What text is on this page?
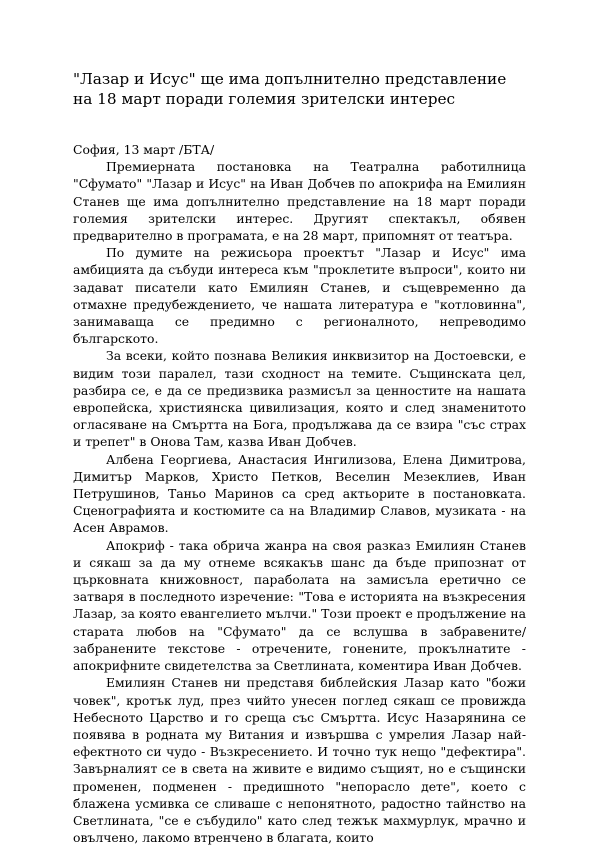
"Лазар и Исус" ще има допълнително представление на 18 март поради големия зрителски интерес

София, 13 март /БТА/

Премиерната постановка на Театрална работилница "Сфумато" "Лазар и Исус" на Иван Добчев по апокрифа на Емилиян Станев ще има допълнително представление на 18 март поради големия зрителски интерес. Другият спектакъл, обявен предварително в програмата, е на 28 март, припомнят от театъра.

По думите на режисьора проектът "Лазар и Исус" има амбицията да събуди интереса към "проклетите въпроси", които ни задават писатели като Емилиян Станев, и същевременно да отмахне предубеждението, че нашата литература е "котловинна", занимаваща се предимно с регионалното, непреводимо българското.

За всеки, който познава Великия инквизитор на Достоевски, е видим този паралел, тази сходност на темите. Същинската цел, разбира се, е да се предизвика размисъл за ценностите на нашата европейска, християнска цивилизация, която и след знаменитото огласяване на Смъртта на Бога, продължава да се взира "със страх и трепет" в Онова Там, казва Иван Добчев.

Албена Георгиева, Анастасия Ингилизова, Елена Димитрова, Димитър Марков, Христо Петков, Веселин Мезеклиев, Иван Петрушинов, Таньо Маринов са сред актьорите в постановката. Сценографията и костюмите са на Владимир Славов, музиката - на Асен Аврамов.

Апокриф - така обрича жанра на своя разказ Емилиян Станев и сякаш за да му отнеме всякакъв шанс да бъде припознат от църковната книжовност, параболата на замисъла еретично се затваря в последното изречение: "Това е историята на възкресения Лазар, за която евангелието мълчи." Този проект е продължение на старата любов на "Сфумато" да се вслушва в забравените/забранените текстове - отречените, гонените, прокълнатите - апокрифните свидетелства за Светлината, коментира Иван Добчев.

Емилиян Станев ни представя библейския Лазар като "божи човек", кротък луд, през чийто унесен поглед сякаш се провижда Небесното Царство и го среща със Смъртта. Исус Назарянина се появява в родната му Витания и извършва с умрелия Лазар най-ефектното си чудо - Възкресението. И точно тук нещо "дефектира". Завърналият се в света на живите е видимо същият, но е същински променен, подменен - предишното "непорасло дете", което с блажена усмивка се сливаше с непонятното, радостно тайнство на Светлината, "се е събудило" като след тежък махмурлук, мрачно и овълчено, лакомо втренчено в благата, които
